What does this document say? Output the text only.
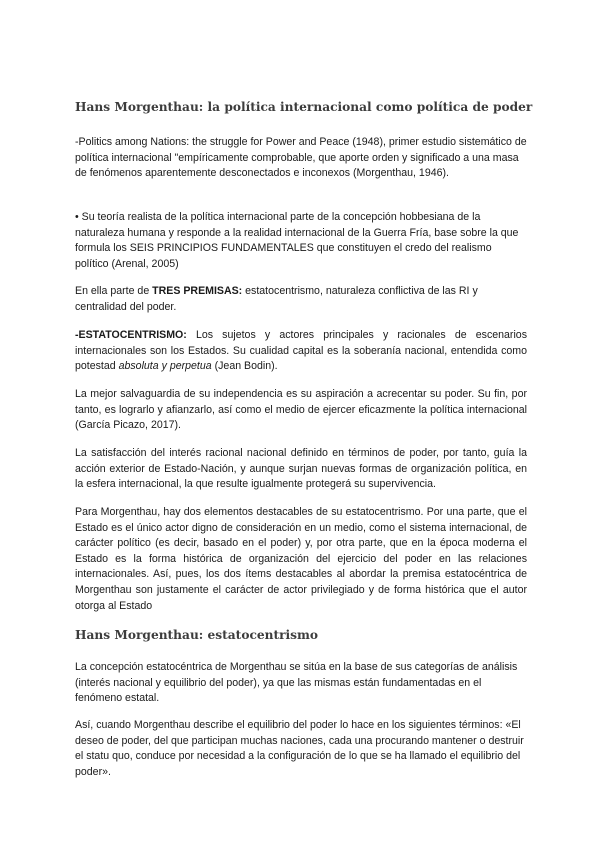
Hans Morgenthau: la política internacional como política de poder

-Politics among Nations: the struggle for Power and Peace (1948), primer estudio sistemático de política internacional "empíricamente comprobable, que aporte orden y significado a una masa de fenómenos aparentemente desconectados e inconexos (Morgenthau, 1946).

• Su teoría realista de la política internacional parte de la concepción hobbesiana de la naturaleza humana y responde a la realidad internacional de la Guerra Fría, base sobre la que formula los SEIS PRINCIPIOS FUNDAMENTALES que constituyen el credo del realismo político (Arenal, 2005)

En ella parte de TRES PREMISAS: estatocentrismo, naturaleza conflictiva de las RI y centralidad del poder.

-ESTATOCENTRISMO: Los sujetos y actores principales y racionales de escenarios internacionales son los Estados. Su cualidad capital es la soberanía nacional, entendida como potestad absoluta y perpetua (Jean Bodin).

La mejor salvaguardia de su independencia es su aspiración a acrecentar su poder. Su fin, por tanto, es lograrlo y afianzarlo, así como el medio de ejercer eficazmente la política internacional (García Picazo, 2017).

La satisfacción del interés racional nacional definido en términos de poder, por tanto, guía la acción exterior de Estado-Nación, y aunque surjan nuevas formas de organización política, en la esfera internacional, la que resulte igualmente protegerá su supervivencia.

Para Morgenthau, hay dos elementos destacables de su estatocentrismo. Por una parte, que el Estado es el único actor digno de consideración en un medio, como el sistema internacional, de carácter político (es decir, basado en el poder) y, por otra parte, que en la época moderna el Estado es la forma histórica de organización del ejercicio del poder en las relaciones internacionales. Así, pues, los dos ítems destacables al abordar la premisa estatocéntrica de Morgenthau son justamente el carácter de actor privilegiado y de forma histórica que el autor otorga al Estado

Hans Morgenthau: estatocentrismo

La concepción estatocéntrica de Morgenthau se sitúa en la base de sus categorías de análisis (interés nacional y equilibrio del poder), ya que las mismas están fundamentadas en el fenómeno estatal.

Así, cuando Morgenthau describe el equilibrio del poder lo hace en los siguientes términos: «El deseo de poder, del que participan muchas naciones, cada una procurando mantener o destruir el statu quo, conduce por necesidad a la configuración de lo que se ha llamado el equilibrio del poder».
